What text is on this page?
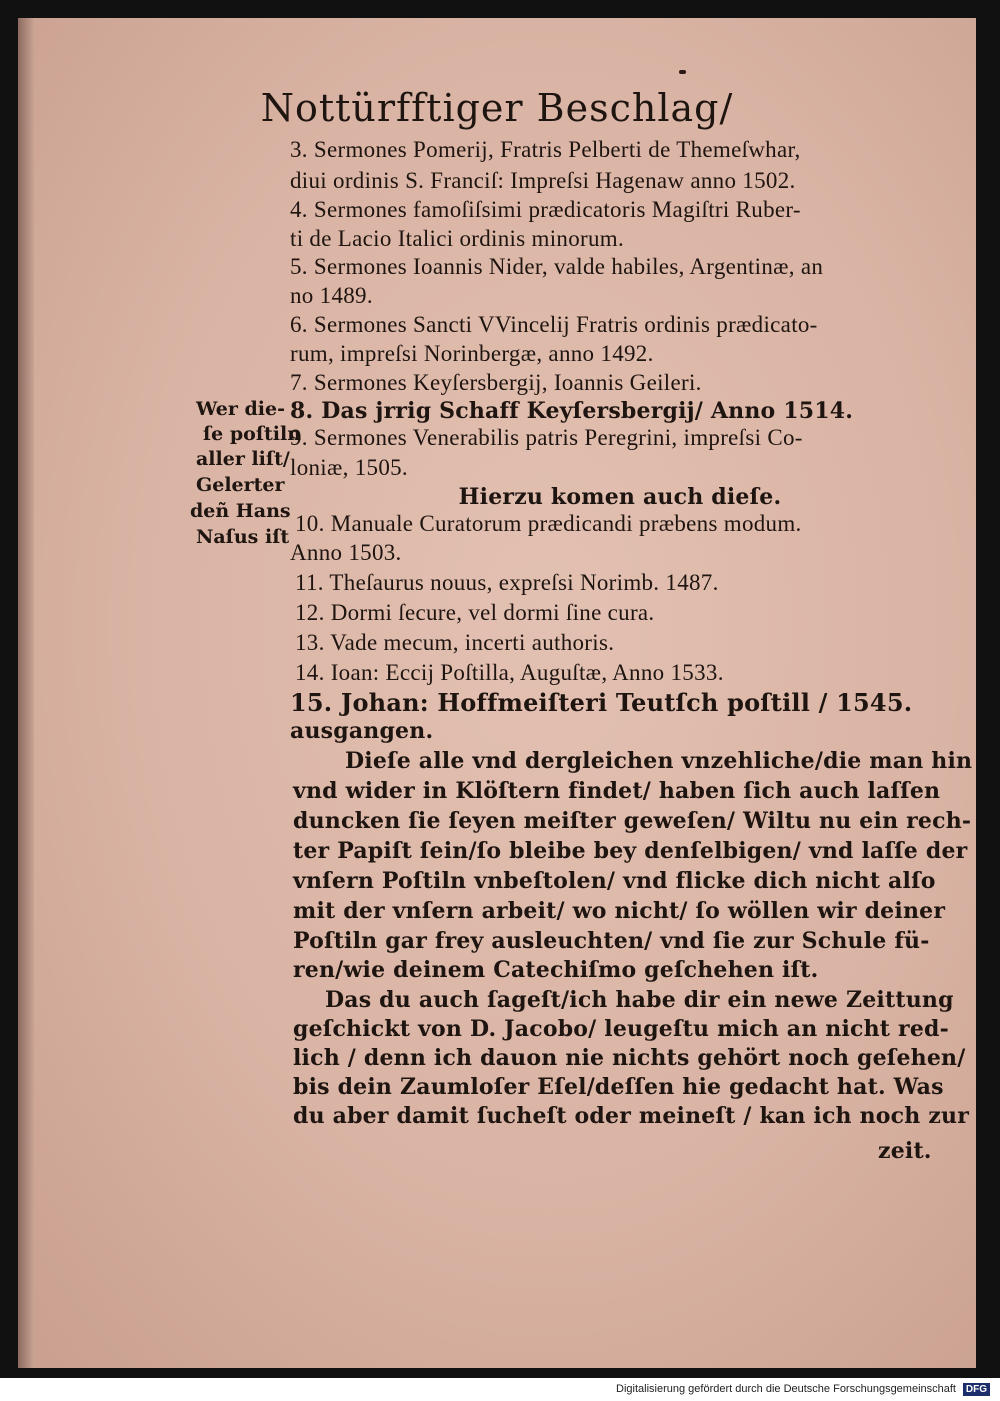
Nottürfftiger Beschlag/
3. Sermones Pomerij, Fratris Pelberti de Themeſwhar,
diui ordinis S. Franciſ: Impreſsi Hagenaw anno 1502.
4. Sermones famoſiſsimi prædicatoris Magiſtri Ruber-
ti de Lacio Italici ordinis minorum.
5. Sermones Ioannis Nider, valde habiles, Argentinæ, an
no 1489.
6. Sermones Sancti VVincelij Fratris ordinis prædicato-
rum, impreſsi Norinbergæ, anno 1492.
7. Sermones Keyſersbergij, Ioannis Geileri.
8. Das jrrig Schaff Keyſersbergij/ Anno 1514.
9. Sermones Venerabilis patris Peregrini, impreſsi Co-
loniæ, 1505.
Hierzu komen auch dieſe.
10. Manuale Curatorum prædicandi præbens modum.
Anno 1503.
11. Theſaurus nouus, expreſsi Norimb. 1487.
12. Dormi ſecure, vel dormi ſine cura.
13. Vade mecum, incerti authoris.
14. Ioan: Eccij Poſtilla, Auguſtæ, Anno 1533.
15. Johan: Hoffmeiſteri Teutſch poſtill / 1545.
ausgangen.
Dieſe alle vnd dergleichen vnzehliche/die man hin
vnd wider in Klöſtern findet/ haben ſich auch laſſen
duncken ſie ſeyen meiſter geweſen/ Wiltu nu ein rech-
ter Papiſt ſein/ſo bleibe bey denſelbigen/ vnd laſſe der
vnſern Poſtiln vnbeſtolen/ vnd flicke dich nicht alſo
mit der vnſern arbeit/ wo nicht/ ſo wöllen wir deiner
Poſtiln gar frey ausleuchten/ vnd ſie zur Schule fü-
ren/wie deinem Catechiſmo geſchehen iſt.
Das du auch ſageſt/ich habe dir ein newe Zeittung
geſchickt von D. Jacobo/ leugeſtu mich an nicht red-
lich / denn ich dauon nie nichts gehört noch geſehen/
bis dein Zaumloſer Eſel/deſſen hie gedacht hat. Was
du aber damit ſucheſt oder meineſt / kan ich noch zur
zeit.
Wer die-
ſe poſtiln
aller liſt/
Gelerter
deñ Hans
Naſus iſt
Digitalisierung gefördert durch die Deutsche Forschungsgemeinschaft DFG
